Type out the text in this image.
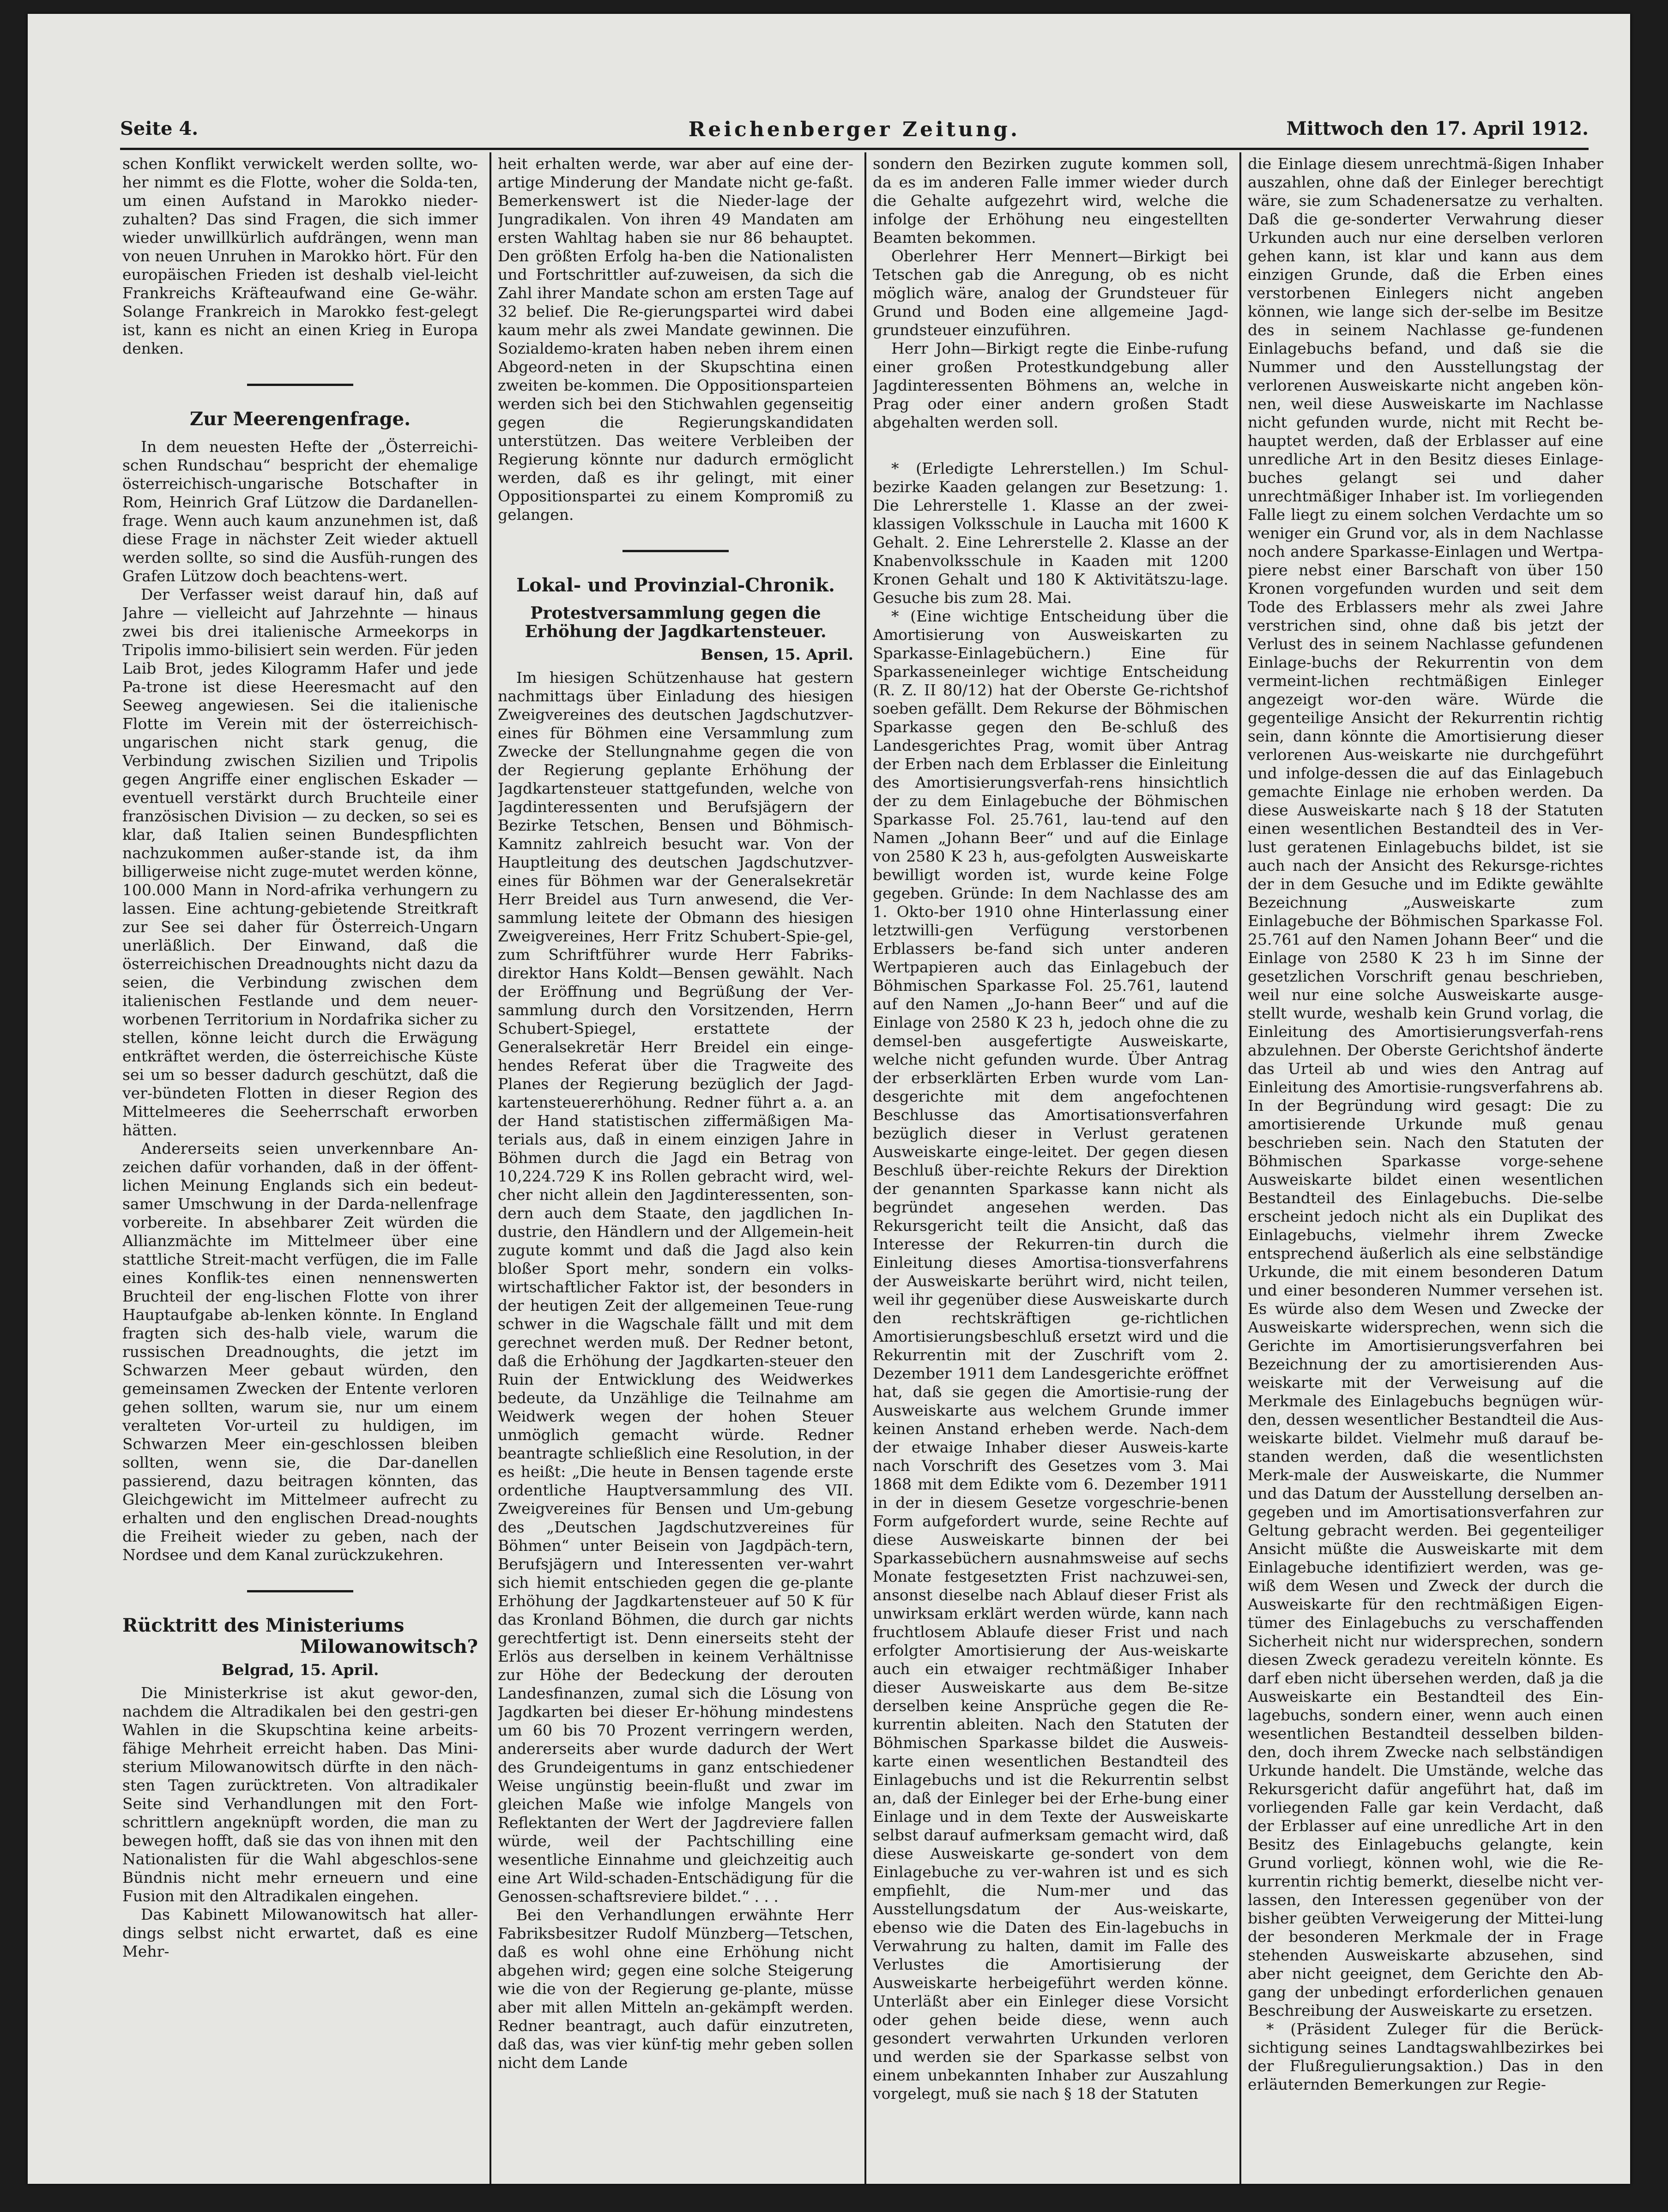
Seite 4.	Reichenberger Zeitung.	Mittwoch den 17. April 1912.

schen Konflikt verwickelt werden sollte, wo-her nimmt es die Flotte, woher die Solda-ten, um einen Aufstand in Marokko nieder-zuhalten? Das sind Fragen, die sich immer wieder unwillkürlich aufdrängen, wenn man von neuen Unruhen in Marokko hört. Für den europäischen Frieden ist deshalb viel-leicht Frankreichs Kräfteaufwand eine Ge-währ. Solange Frankreich in Marokko fest-gelegt ist, kann es nicht an einen Krieg in Europa denken.

Zur Meerengenfrage.

In dem neuesten Hefte der „Österreichi-schen Rundschau“ bespricht der ehemalige österreichisch-ungarische Botschafter in Rom, Heinrich Graf Lützow die Dardanellen-frage. Wenn auch kaum anzunehmen ist, daß diese Frage in nächster Zeit wieder aktuell werden sollte, so sind die Ausfüh-rungen des Grafen Lützow doch beachtens-wert.

Der Verfasser weist darauf hin, daß auf Jahre — vielleicht auf Jahrzehnte — hinaus zwei bis drei italienische Armeekorps in Tripolis immo-bilisiert sein werden. Für jeden Laib Brot, jedes Kilogramm Hafer und jede Pa-trone ist diese Heeresmacht auf den Seeweg angewiesen. Sei die italienische Flotte im Verein mit der österreichisch-ungarischen nicht stark genug, die Verbindung zwischen Sizilien und Tripolis gegen Angriffe einer englischen Eskader — eventuell verstärkt durch Bruchteile einer französischen Division — zu decken, so sei es klar, daß Italien seinen Bundespflichten nachzukommen außer-stande ist, da ihm billigerweise nicht zuge-mutet werden könne, 100.000 Mann in Nord-afrika verhungern zu lassen. Eine achtung-gebietende Streitkraft zur See sei daher für Österreich-Ungarn unerläßlich. Der Einwand, daß die österreichischen Dreadnoughts nicht dazu da seien, die Verbindung zwischen dem italienischen Festlande und dem neuer-worbenen Territorium in Nordafrika sicher zu stellen, könne leicht durch die Erwägung entkräftet werden, die österreichische Küste sei um so besser dadurch geschützt, daß die ver-bündeten Flotten in dieser Region des Mittelmeeres die Seeherrschaft erworben hätten.

Andererseits seien unverkennbare An-zeichen dafür vorhanden, daß in der öffent-lichen Meinung Englands sich ein bedeut-samer Umschwung in der Darda-nellenfrage vorbereite. In absehbarer Zeit würden die Allianzmächte im Mittelmeer über eine stattliche Streit-macht verfügen, die im Falle eines Konflik-tes einen nennenswerten Bruchteil der eng-lischen Flotte von ihrer Hauptaufgabe ab-lenken könnte. In England fragten sich des-halb viele, warum die russischen Dreadnoughts, die jetzt im Schwarzen Meer gebaut würden, den gemeinsamen Zwecken der Entente verloren gehen sollten, warum sie, nur um einem veralteten Vor-urteil zu huldigen, im Schwarzen Meer ein-geschlossen bleiben sollten, wenn sie, die Dar-danellen passierend, dazu beitragen könnten, das Gleichgewicht im Mittelmeer aufrecht zu erhalten und den englischen Dread-noughts die Freiheit wieder zu geben, nach der Nordsee und dem Kanal zurückzukehren.

Rücktritt des Ministeriums
Milowanowitsch?
Belgrad, 15. April.

Die Ministerkrise ist akut gewor-den, nachdem die Altradikalen bei den gestri-gen Wahlen in die Skupschtina keine arbeits-fähige Mehrheit erreicht haben. Das Mini-sterium Milowanowitsch dürfte in den näch-sten Tagen zurücktreten. Von altradikaler Seite sind Verhandlungen mit den Fort-schrittlern angeknüpft worden, die man zu bewegen hofft, daß sie das von ihnen mit den Nationalisten für die Wahl abgeschlos-sene Bündnis nicht mehr erneuern und eine Fusion mit den Altradikalen eingehen.

Das Kabinett Milowanowitsch hat aller-dings selbst nicht erwartet, daß es eine Mehr-

heit erhalten werde, war aber auf eine der-artige Minderung der Mandate nicht ge-faßt. Bemerkenswert ist die Nieder-lage der Jungradikalen. Von ihren 49 Mandaten am ersten Wahltag haben sie nur 86 behauptet. Den größten Erfolg ha-ben die Nationalisten und Fortschrittler auf-zuweisen, da sich die Zahl ihrer Mandate schon am ersten Tage auf 32 belief. Die Re-gierungspartei wird dabei kaum mehr als zwei Mandate gewinnen. Die Sozialdemo-kraten haben neben ihrem einen Abgeord-neten in der Skupschtina einen zweiten be-kommen. Die Oppositionsparteien werden sich bei den Stichwahlen gegenseitig gegen die Regierungskandidaten unterstützen. Das weitere Verbleiben der Regierung könnte nur dadurch ermöglicht werden, daß es ihr gelingt, mit einer Oppositionspartei zu einem Kompromiß zu gelangen.

Lokal- und Provinzial-Chronik.
Protestversammlung gegen die Erhöhung der Jagdkartensteuer.
Bensen, 15. April.

Im hiesigen Schützenhause hat gestern nachmittags über Einladung des hiesigen Zweigvereines des deutschen Jagdschutzver-eines für Böhmen eine Versammlung zum Zwecke der Stellungnahme gegen die von der Regierung geplante Erhöhung der Jagdkartensteuer stattgefunden, welche von Jagdinteressenten und Berufsjägern der Bezirke Tetschen, Bensen und Böhmisch-Kamnitz zahlreich besucht war. Von der Hauptleitung des deutschen Jagdschutzver-eines für Böhmen war der Generalsekretär Herr Breidel aus Turn anwesend, die Ver-sammlung leitete der Obmann des hiesigen Zweigvereines, Herr Fritz Schubert-Spie-gel, zum Schriftführer wurde Herr Fabriks-direktor Hans Koldt—Bensen gewählt. Nach der Eröffnung und Begrüßung der Ver-sammlung durch den Vorsitzenden, Herrn Schubert-Spiegel, erstattete der Generalsekretär Herr Breidel ein einge-hendes Referat über die Tragweite des Planes der Regierung bezüglich der Jagd-kartensteuererhöhung. Redner führt a. a. an der Hand statistischen ziffermäßigen Ma-terials aus, daß in einem einzigen Jahre in Böhmen durch die Jagd ein Betrag von 10,224.729 K ins Rollen gebracht wird, wel-cher nicht allein den Jagdinteressenten, son-dern auch dem Staate, den jagdlichen In-dustrie, den Händlern und der Allgemein-heit zugute kommt und daß die Jagd also kein bloßer Sport mehr, sondern ein volks-wirtschaftlicher Faktor ist, der besonders in der heutigen Zeit der allgemeinen Teue-rung schwer in die Wagschale fällt und mit dem gerechnet werden muß. Der Redner betont, daß die Erhöhung der Jagdkarten-steuer den Ruin der Entwicklung des Weidwerkes bedeute, da Unzählige die Teilnahme am Weidwerk wegen der hohen Steuer unmöglich gemacht würde. Redner beantragte schließlich eine Resolution, in der es heißt: „Die heute in Bensen tagende erste ordentliche Hauptversammlung des VII. Zweigvereines für Bensen und Um-gebung des „Deutschen Jagdschutzvereines für Böhmen“ unter Beisein von Jagdpäch-tern, Berufsjägern und Interessenten ver-wahrt sich hiemit entschieden gegen die ge-plante Erhöhung der Jagdkartensteuer auf 50 K für das Kronland Böhmen, die durch gar nichts gerechtfertigt ist. Denn einerseits steht der Erlös aus derselben in keinem Verhältnisse zur Höhe der Bedeckung der derouten Landesfinanzen, zumal sich die Lösung von Jagdkarten bei dieser Er-höhung mindestens um 60 bis 70 Prozent verringern werden, andererseits aber wurde dadurch der Wert des Grundeigentums in ganz entschiedener Weise ungünstig beein-flußt und zwar im gleichen Maße wie infolge Mangels von Reflektanten der Wert der Jagdreviere fallen würde, weil der Pachtschilling eine wesentliche Einnahme und gleichzeitig auch eine Art Wild-schaden-Entschädigung für die Genossen-schaftsreviere bildet.“ . . .

Bei den Verhandlungen erwähnte Herr Fabriksbesitzer Rudolf Münzberg—Tetschen, daß es wohl ohne eine Erhöhung nicht abgehen wird; gegen eine solche Steigerung wie die von der Regierung ge-plante, müsse aber mit allen Mitteln an-gekämpft werden. Redner beantragt, auch dafür einzutreten, daß das, was vier künf-tig mehr geben sollen nicht dem Lande

sondern den Bezirken zugute kommen soll, da es im anderen Falle immer wieder durch die Gehalte aufgezehrt wird, welche die infolge der Erhöhung neu eingestellten Beamten bekommen.

Oberlehrer Herr Mennert—Birkigt bei Tetschen gab die Anregung, ob es nicht möglich wäre, analog der Grundsteuer für Grund und Boden eine allgemeine Jagd-grundsteuer einzuführen.

Herr John—Birkigt regte die Einbe-rufung einer großen Protestkundgebung aller Jagdinteressenten Böhmens an, welche in Prag oder einer andern großen Stadt abgehalten werden soll.

* (Erledigte Lehrerstellen.) Im Schul-bezirke Kaaden gelangen zur Besetzung: 1. Die Lehrerstelle 1. Klasse an der zwei-klassigen Volksschule in Laucha mit 1600 K Gehalt. 2. Eine Lehrerstelle 2. Klasse an der Knabenvolksschule in Kaaden mit 1200 Kronen Gehalt und 180 K Aktivitätszu-lage. Gesuche bis zum 28. Mai.

* (Eine wichtige Entscheidung über die Amortisierung von Ausweiskarten zu Sparkasse-Einlagebüchern.) Eine für Sparkasseneinleger wichtige Entscheidung (R. Z. II 80/12) hat der Oberste Ge-richtshof soeben gefällt. Dem Rekurse der Böhmischen Sparkasse gegen den Be-schluß des Landesgerichtes Prag, womit über Antrag der Erben nach dem Erblasser die Einleitung des Amortisierungsverfah-rens hinsichtlich der zu dem Einlagebuche der Böhmischen Sparkasse Fol. 25.761, lau-tend auf den Namen „Johann Beer“ und auf die Einlage von 2580 K 23 h, aus-gefolgten Ausweiskarte bewilligt worden ist, wurde keine Folge gegeben. Gründe: In dem Nachlasse des am 1. Okto-ber 1910 ohne Hinterlassung einer letztwilli-gen Verfügung verstorbenen Erblassers be-fand sich unter anderen Wertpapieren auch das Einlagebuch der Böhmischen Sparkasse Fol. 25.761, lautend auf den Namen „Jo-hann Beer“ und auf die Einlage von 2580 K 23 h, jedoch ohne die zu demsel-ben ausgefertigte Ausweiskarte, welche nicht gefunden wurde. Über Antrag der erbserklärten Erben wurde vom Lan-desgerichte mit dem angefochtenen Beschlusse das Amortisationsverfahren bezüglich dieser in Verlust geratenen Ausweiskarte einge-leitet. Der gegen diesen Beschluß über-reichte Rekurs der Direktion der genannten Sparkasse kann nicht als begründet angesehen werden. Das Rekursgericht teilt die Ansicht, daß das Interesse der Rekurren-tin durch die Einleitung dieses Amortisa-tionsverfahrens der Ausweiskarte berührt wird, nicht teilen, weil ihr gegenüber diese Ausweiskarte durch den rechtskräftigen ge-richtlichen Amortisierungsbeschluß ersetzt wird und die Rekurrentin mit der Zuschrift vom 2. Dezember 1911 dem Landesgerichte eröffnet hat, daß sie gegen die Amortisie-rung der Ausweiskarte aus welchem Grunde immer keinen Anstand erheben werde. Nach-dem der etwaige Inhaber dieser Ausweis-karte nach Vorschrift des Gesetzes vom 3. Mai 1868 mit dem Edikte vom 6. Dezember 1911 in der in diesem Gesetze vorgeschrie-benen Form aufgefordert wurde, seine Rechte auf diese Ausweiskarte binnen der bei Sparkassebüchern ausnahmsweise auf sechs Monate festgesetzten Frist nachzuwei-sen, ansonst dieselbe nach Ablauf dieser Frist als unwirksam erklärt werden würde, kann nach fruchtlosem Ablaufe dieser Frist und nach erfolgter Amortisierung der Aus-weiskarte auch ein etwaiger rechtmäßiger Inhaber dieser Ausweiskarte aus dem Be-sitze derselben keine Ansprüche gegen die Re-kurrentin ableiten. Nach den Statuten der Böhmischen Sparkasse bildet die Ausweis-karte einen wesentlichen Bestandteil des Einlagebuchs und ist die Rekurrentin selbst an, daß der Einleger bei der Erhe-bung einer Einlage und in dem Texte der Ausweiskarte selbst darauf aufmerksam gemacht wird, daß diese Ausweiskarte ge-sondert von dem Einlagebuche zu ver-wahren ist und es sich empfiehlt, die Num-mer und das Ausstellungsdatum der Aus-weiskarte, ebenso wie die Daten des Ein-lagebuchs in Verwahrung zu halten, damit im Falle des Verlustes die Amortisierung der Ausweiskarte herbeigeführt werden könne. Unterläßt aber ein Einleger diese Vorsicht oder gehen beide diese, wenn auch gesondert verwahrten Urkunden verloren und werden sie der Sparkasse selbst von einem unbekannten Inhaber zur Auszahlung vorgelegt, muß sie nach § 18 der Statuten

die Einlage diesem unrechtmä-ßigen Inhaber auszahlen, ohne daß der Einleger berechtigt wäre, sie zum Schadenersatze zu verhalten. Daß die ge-sonderter Verwahrung dieser Urkunden auch nur eine derselben verloren gehen kann, ist klar und kann aus dem einzigen Grunde, daß die Erben eines verstorbenen Einlegers nicht angeben können, wie lange sich der-selbe im Besitze des in seinem Nachlasse ge-fundenen Einlagebuchs befand, und daß sie die Nummer und den Ausstellungstag der verlorenen Ausweiskarte nicht angeben kön-nen, weil diese Ausweiskarte im Nachlasse nicht gefunden wurde, nicht mit Recht be-hauptet werden, daß der Erblasser auf eine unredliche Art in den Besitz dieses Einlage-buches gelangt sei und daher unrechtmäßiger Inhaber ist. Im vorliegenden Falle liegt zu einem solchen Verdachte um so weniger ein Grund vor, als in dem Nachlasse noch andere Sparkasse-Einlagen und Wertpa-piere nebst einer Barschaft von über 150 Kronen vorgefunden wurden und seit dem Tode des Erblassers mehr als zwei Jahre verstrichen sind, ohne daß bis jetzt der Verlust des in seinem Nachlasse gefundenen Einlage-buchs der Rekurrentin von dem vermeint-lichen rechtmäßigen Einleger angezeigt wor-den wäre. Würde die gegenteilige Ansicht der Rekurrentin richtig sein, dann könnte die Amortisierung dieser verlorenen Aus-weiskarte nie durchgeführt und infolge-dessen die auf das Einlagebuch gemachte Einlage nie erhoben werden. Da diese Ausweiskarte nach § 18 der Statuten einen wesentlichen Bestandteil des in Ver-lust geratenen Einlagebuchs bildet, ist sie auch nach der Ansicht des Rekursge-richtes der in dem Gesuche und im Edikte gewählte Bezeichnung „Ausweiskarte zum Einlagebuche der Böhmischen Sparkasse Fol. 25.761 auf den Namen Johann Beer“ und die Einlage von 2580 K 23 h im Sinne der gesetzlichen Vorschrift genau beschrieben, weil nur eine solche Ausweiskarte ausge-stellt wurde, weshalb kein Grund vorlag, die Einleitung des Amortisierungsverfah-rens abzulehnen. Der Oberste Gerichtshof änderte das Urteil ab und wies den Antrag auf Einleitung des Amortisie-rungsverfahrens ab. In der Begründung wird gesagt: Die zu amortisierende Urkunde muß genau beschrieben sein. Nach den Statuten der Böhmischen Sparkasse vorge-sehene Ausweiskarte bildet einen wesentlichen Bestandteil des Einlagebuchs. Die-selbe erscheint jedoch nicht als ein Duplikat des Einlagebuchs, vielmehr ihrem Zwecke entsprechend äußerlich als eine selbständige Urkunde, die mit einem besonderen Datum und einer besonderen Nummer versehen ist. Es würde also dem Wesen und Zwecke der Ausweiskarte widersprechen, wenn sich die Gerichte im Amortisierungsverfahren bei Bezeichnung der zu amortisierenden Aus-weiskarte mit der Verweisung auf die Merkmale des Einlagebuchs begnügen wür-den, dessen wesentlicher Bestandteil die Aus-weiskarte bildet. Vielmehr muß darauf be-standen werden, daß die wesentlichsten Merk-male der Ausweiskarte, die Nummer und das Datum der Ausstellung derselben an-gegeben und im Amortisationsverfahren zur Geltung gebracht werden. Bei gegenteiliger Ansicht müßte die Ausweiskarte mit dem Einlagebuche identifiziert werden, was ge-wiß dem Wesen und Zweck der durch die Ausweiskarte für den rechtmäßigen Eigen-tümer des Einlagebuchs zu verschaffenden Sicherheit nicht nur widersprechen, sondern diesen Zweck geradezu vereiteln könnte. Es darf eben nicht übersehen werden, daß ja die Ausweiskarte ein Bestandteil des Ein-lagebuchs, sondern einer, wenn auch einen wesentlichen Bestandteil desselben bilden-den, doch ihrem Zwecke nach selbständigen Urkunde handelt. Die Umstände, welche das Rekursgericht dafür angeführt hat, daß im vorliegenden Falle gar kein Verdacht, daß der Erblasser auf eine unredliche Art in den Besitz des Einlagebuchs gelangte, kein Grund vorliegt, können wohl, wie die Re-kurrentin richtig bemerkt, dieselbe nicht ver-lassen, den Interessen gegenüber von der bisher geübten Verweigerung der Mittei-lung der besonderen Merkmale der in Frage stehenden Ausweiskarte abzusehen, sind aber nicht geeignet, dem Gerichte den Ab-gang der unbedingt erforderlichen genauen Beschreibung der Ausweiskarte zu ersetzen.

* (Präsident Zuleger für die Berück-sichtigung seines Landtagswahlbezirkes bei der Flußregulierungsaktion.) Das in den erläuternden Bemerkungen zur Regie-
